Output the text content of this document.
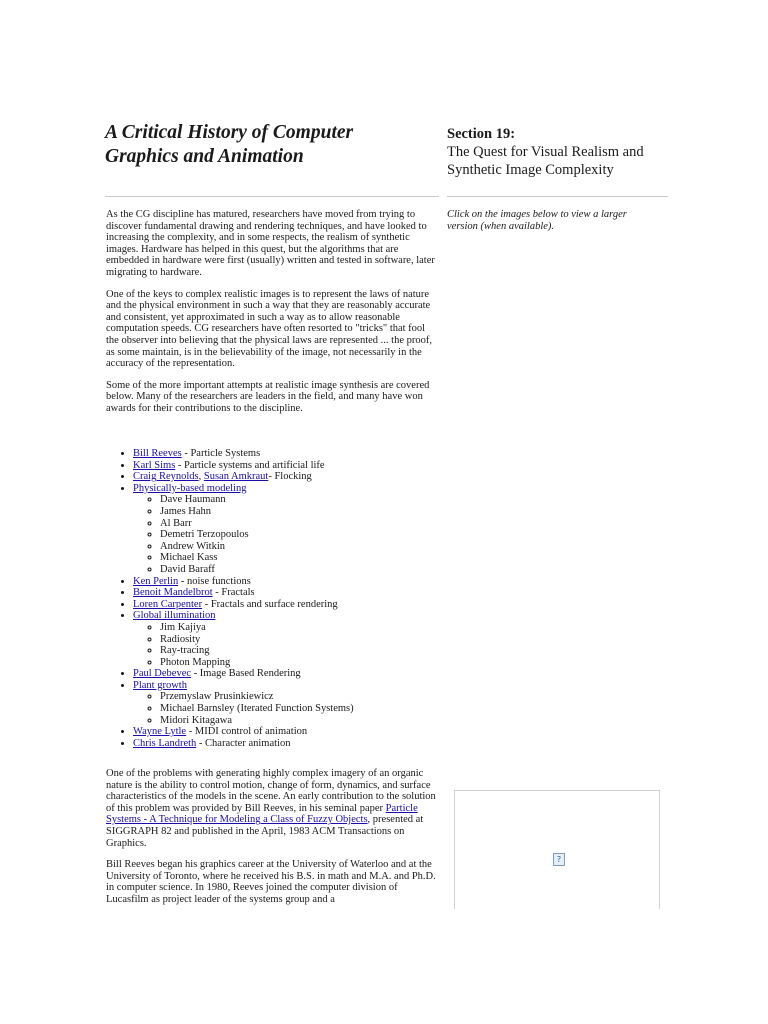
A Critical History of Computer Graphics and Animation
Section 19:
The Quest for Visual Realism and Synthetic Image Complexity

As the CG discipline has matured, researchers have moved from trying to discover fundamental drawing and rendering techniques, and have looked to increasing the complexity, and in some respects, the realism of synthetic images. Hardware has helped in this quest, but the algorithms that are embedded in hardware were first (usually) written and tested in software, later migrating to hardware.

One of the keys to complex realistic images is to represent the laws of nature and the physical environment in such a way that they are reasonably accurate and consistent, yet approximated in such a way as to allow reasonable computation speeds. CG researchers have often resorted to "tricks" that fool the observer into believing that the physical laws are represented ... the proof, as some maintain, is in the believability of the image, not necessarily in the accuracy of the representation.

Some of the more important attempts at realistic image synthesis are covered below. Many of the researchers are leaders in the field, and many have won awards for their contributions to the discipline.

Click on the images below to view a larger version (when available).
• Bill Reeves - Particle Systems
• Karl Sims - Particle systems and artificial life
• Craig Reynolds, Susan Amkraut- Flocking
• Physically-based modeling
◦ Dave Haumann
◦ James Hahn
◦ Al Barr
◦ Demetri Terzopoulos
◦ Andrew Witkin
◦ Michael Kass
◦ David Baraff
• Ken Perlin - noise functions
• Benoit Mandelbrot - Fractals
• Loren Carpenter - Fractals and surface rendering
• Global illumination
◦ Jim Kajiya
◦ Radiosity
◦ Ray-tracing
◦ Photon Mapping
• Paul Debevec - Image Based Rendering
• Plant growth
◦ Przemyslaw Prusinkiewicz
◦ Michael Barnsley (Iterated Function Systems)
◦ Midori Kitagawa
• Wayne Lytle - MIDI control of animation
• Chris Landreth - Character animation

One of the problems with generating highly complex imagery of an organic nature is the ability to control motion, change of form, dynamics, and surface characteristics of the models in the scene. An early contribution to the solution of this problem was provided by Bill Reeves, in his seminal paper Particle Systems - A Technique for Modeling a Class of Fuzzy Objects, presented at SIGGRAPH 82 and published in the April, 1983 ACM Transactions on Graphics.

Bill Reeves began his graphics career at the University of Waterloo and at the University of Toronto, where he received his B.S. in math and M.A. and Ph.D. in computer science. In 1980, Reeves joined the computer division of Lucasfilm as project leader of the systems group and a

?
